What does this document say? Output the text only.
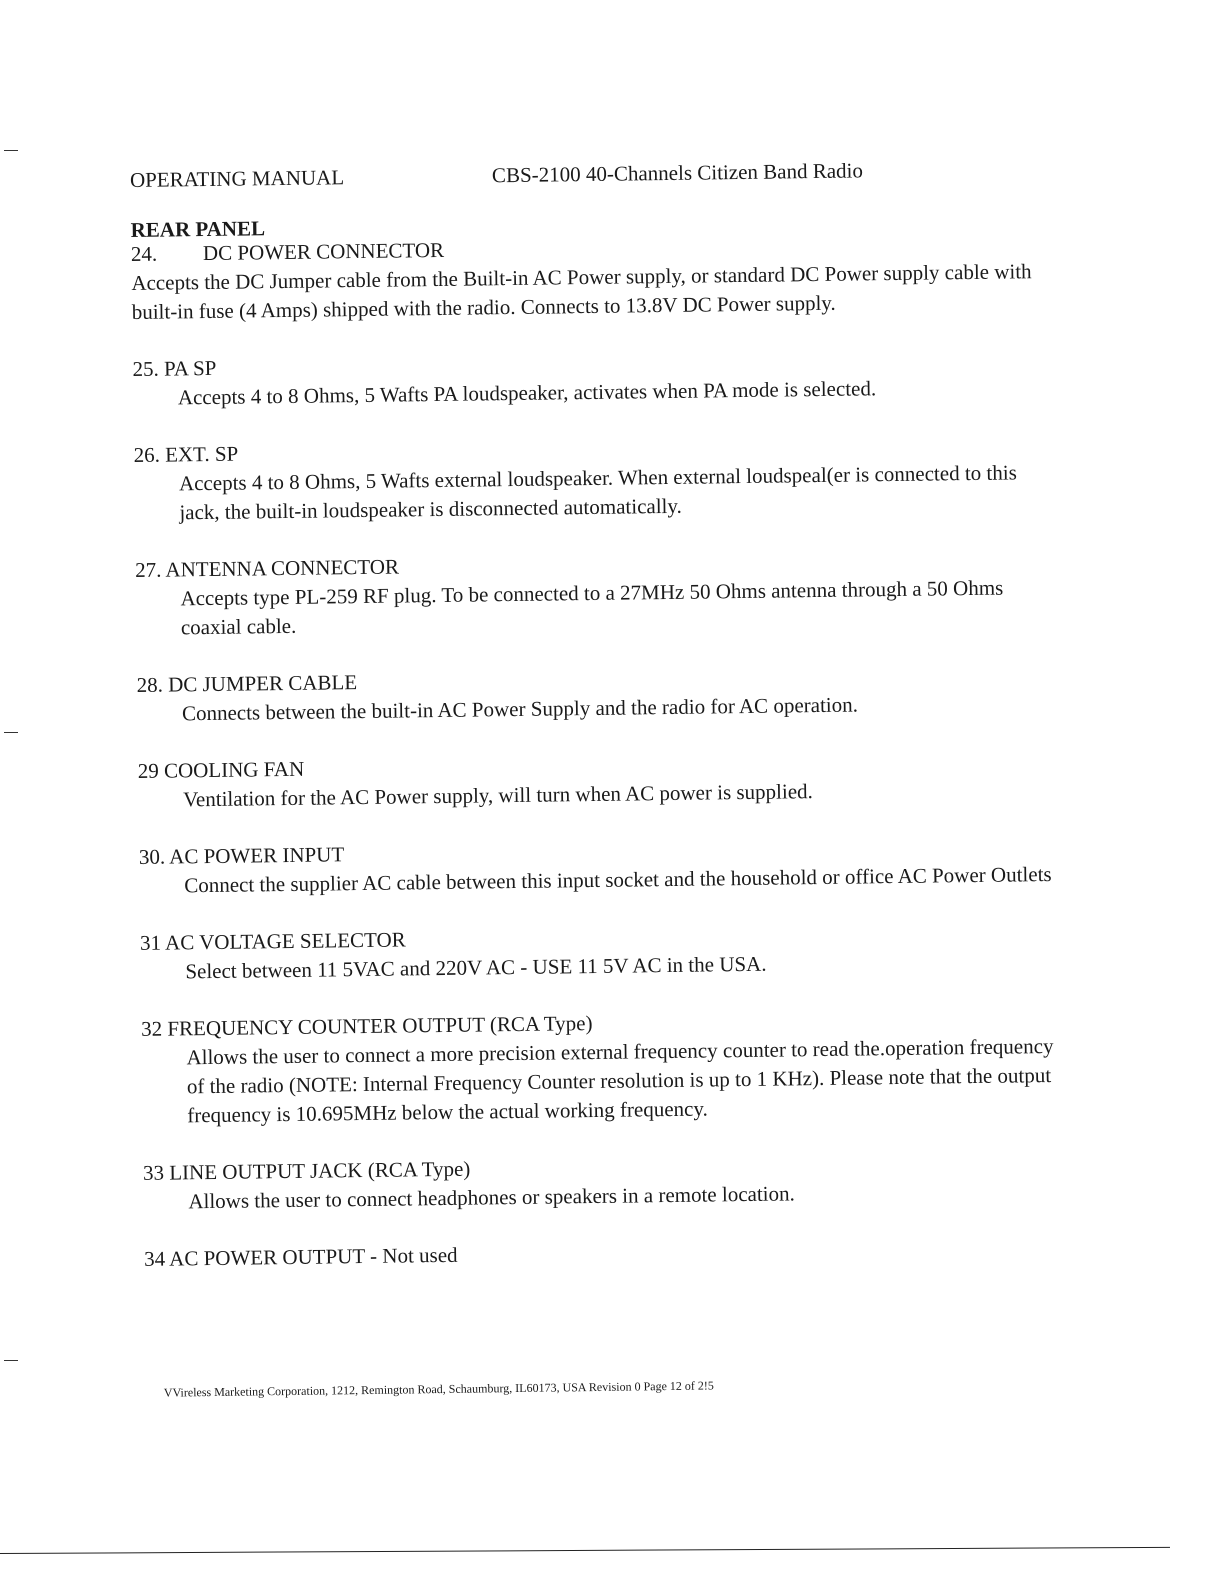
OPERATING MANUAL	CBS-2100 40-Channels Citizen Band Radio
REAR PANEL
24. DC POWER CONNECTOR
Accepts the DC Jumper cable from the Built-in AC Power supply, or standard DC Power supply cable with built-in fuse (4 Amps) shipped with the radio. Connects to 13.8V DC Power supply.
25. PA SP
Accepts 4 to 8 Ohms, 5 Wafts PA loudspeaker, activates when PA mode is selected.
26. EXT. SP
Accepts 4 to 8 Ohms, 5 Wafts external loudspeaker. When external loudspeal(er is connected to this jack, the built-in loudspeaker is disconnected automatically.
27. ANTENNA CONNECTOR
Accepts type PL-259 RF plug. To be connected to a 27MHz 50 Ohms antenna through a 50 Ohms coaxial cable.
28. DC JUMPER CABLE
Connects between the built-in AC Power Supply and the radio for AC operation.
29 COOLING FAN
Ventilation for the AC Power supply, will turn when AC power is supplied.
30. AC POWER INPUT
Connect the supplier AC cable between this input socket and the household or office AC Power Outlets
31 AC VOLTAGE SELECTOR
Select between 11 5VAC and 220V AC - USE 11 5V AC in the USA.
32 FREQUENCY COUNTER OUTPUT (RCA Type)
Allows the user to connect a more precision external frequency counter to read the.operation frequency of the radio (NOTE: Internal Frequency Counter resolution is up to 1 KHz). Please note that the output frequency is 10.695MHz below the actual working frequency.
33 LINE OUTPUT JACK (RCA Type)
Allows the user to connect headphones or speakers in a remote location.
34 AC POWER OUTPUT - Not used
VVireless Marketing Corporation, 1212, Remington Road, Schaumburg, IL60173, USA Revision 0 Page 12 of 2!5
